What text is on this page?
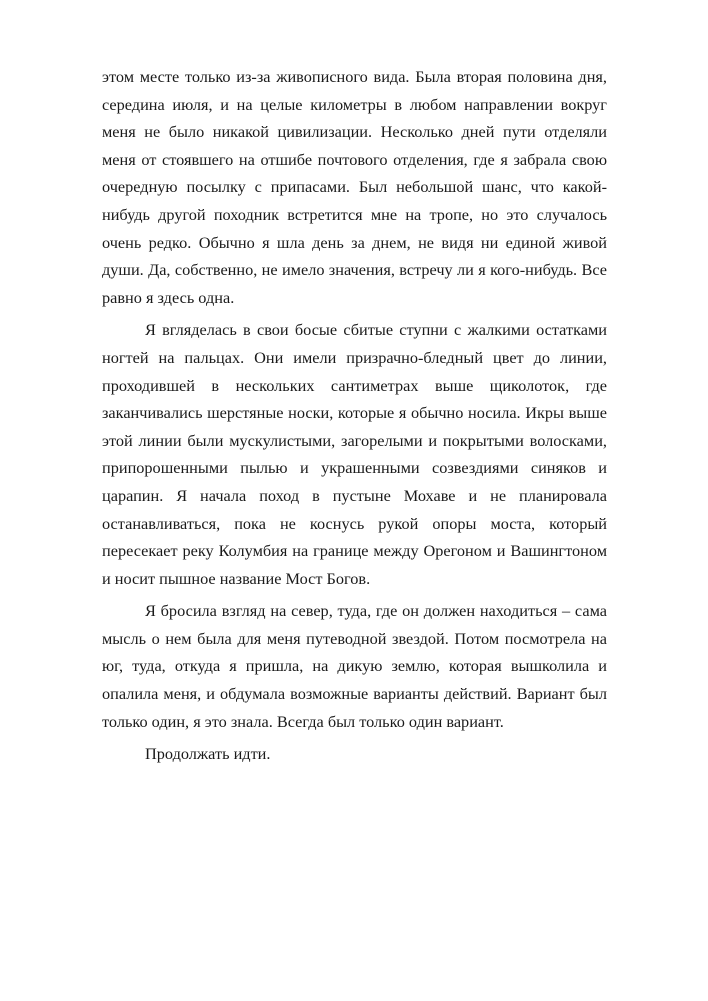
этом месте только из-за живописного вида. Была вторая половина дня, середина июля, и на целые километры в любом направлении вокруг меня не было никакой цивилизации. Несколько дней пути отделяли меня от стоявшего на отшибе почтового отделения, где я забрала свою очередную посылку с припасами. Был небольшой шанс, что какой-нибудь другой походник встретится мне на тропе, но это случалось очень редко. Обычно я шла день за днем, не видя ни единой живой души. Да, собственно, не имело значения, встречу ли я кого-нибудь. Все равно я здесь одна.

Я вгляделась в свои босые сбитые ступни с жалкими остатками ногтей на пальцах. Они имели призрачно-бледный цвет до линии, проходившей в нескольких сантиметрах выше щиколоток, где заканчивались шерстяные носки, которые я обычно носила. Икры выше этой линии были мускулистыми, загорелыми и покрытыми волосками, припорошенными пылью и украшенными созвездиями синяков и царапин. Я начала поход в пустыне Мохаве и не планировала останавливаться, пока не коснусь рукой опоры моста, который пересекает реку Колумбия на границе между Орегоном и Вашингтоном и носит пышное название Мост Богов.

Я бросила взгляд на север, туда, где он должен находиться – сама мысль о нем была для меня путеводной звездой. Потом посмотрела на юг, туда, откуда я пришла, на дикую землю, которая вышколила и опалила меня, и обдумала возможные варианты действий. Вариант был только один, я это знала. Всегда был только один вариант.

Продолжать идти.
